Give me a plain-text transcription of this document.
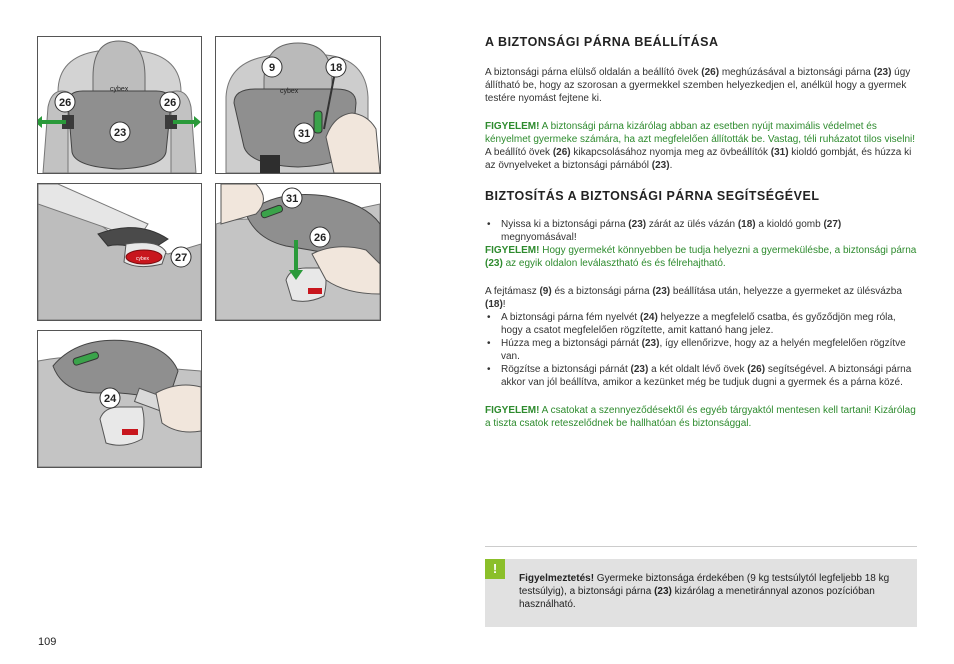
cybex
26	26
23
cybex
9	18
31
cybex 27
31
26
24
A BIZTONSÁGI PÁRNA BEÁLLÍTÁSA

A biztonsági párna elülső oldalán a beállító övek (26) meghúzásával a biztonsági párna (23) úgy állítható be, hogy az szorosan a gyermekkel szemben helyezkedjen el, anélkül hogy a gyermek testére nyomást fejtene ki.

FIGYELEM! A biztonsági párna kizárólag abban az esetben nyújt maximális védelmet és kényelmet gyermeke számára, ha azt megfelelően állították be. Vastag, téli ruházatot tilos viselni!

A beállító övek (26) kikapcsolásához nyomja meg az övbeállítók (31) kioldó gombját, és húzza ki az övnyelveket a biztonsági párnából (23).

BIZTOSÍTÁS A BIZTONSÁGI PÁRNA SEGÍTSÉGÉVEL
• Nyissa ki a biztonsági párna (23) zárát az ülés vázán (18) a kioldó gomb (27) megnyomásával!

FIGYELEM! Hogy gyermekét könnyebben be tudja helyezni a gyermekülésbe, a biztonsági párna (23) az egyik oldalon leválasztható és és félrehajtható.

A fejtámasz (9) és a biztonsági párna (23) beállítása után, helyezze a gyermeket az ülésvázba (18)!

• A biztonsági párna fém nyelvét (24) helyezze a megfelelő csatba, és győződjön meg róla, hogy a csatot megfelelően rögzítette, amit kattanó hang jelez.
• Húzza meg a biztonsági párnát (23), így ellenőrizve, hogy az a helyén megfelelően rögzítve van.
• Rögzítse a biztonsági párnát (23) a két oldalt lévő övek (26) segítségével. A biztonsági párna akkor van jól beállítva, amikor a kezünket még be tudjuk dugni a gyermek és a párna közé.

FIGYELEM! A csatokat a szennyeződésektől és egyéb tárgyaktól mentesen kell tartani! Kizárólag a tiszta csatok reteszelődnek be hallhatóan és biztonsággal.

!
Figyelmeztetés! Gyermeke biztonsága érdekében (9 kg testsúlytól legfeljebb 18 kg testsúlyig), a biztonsági párna (23) kizárólag a menetiránnyal azonos pozícióban használható.
109
